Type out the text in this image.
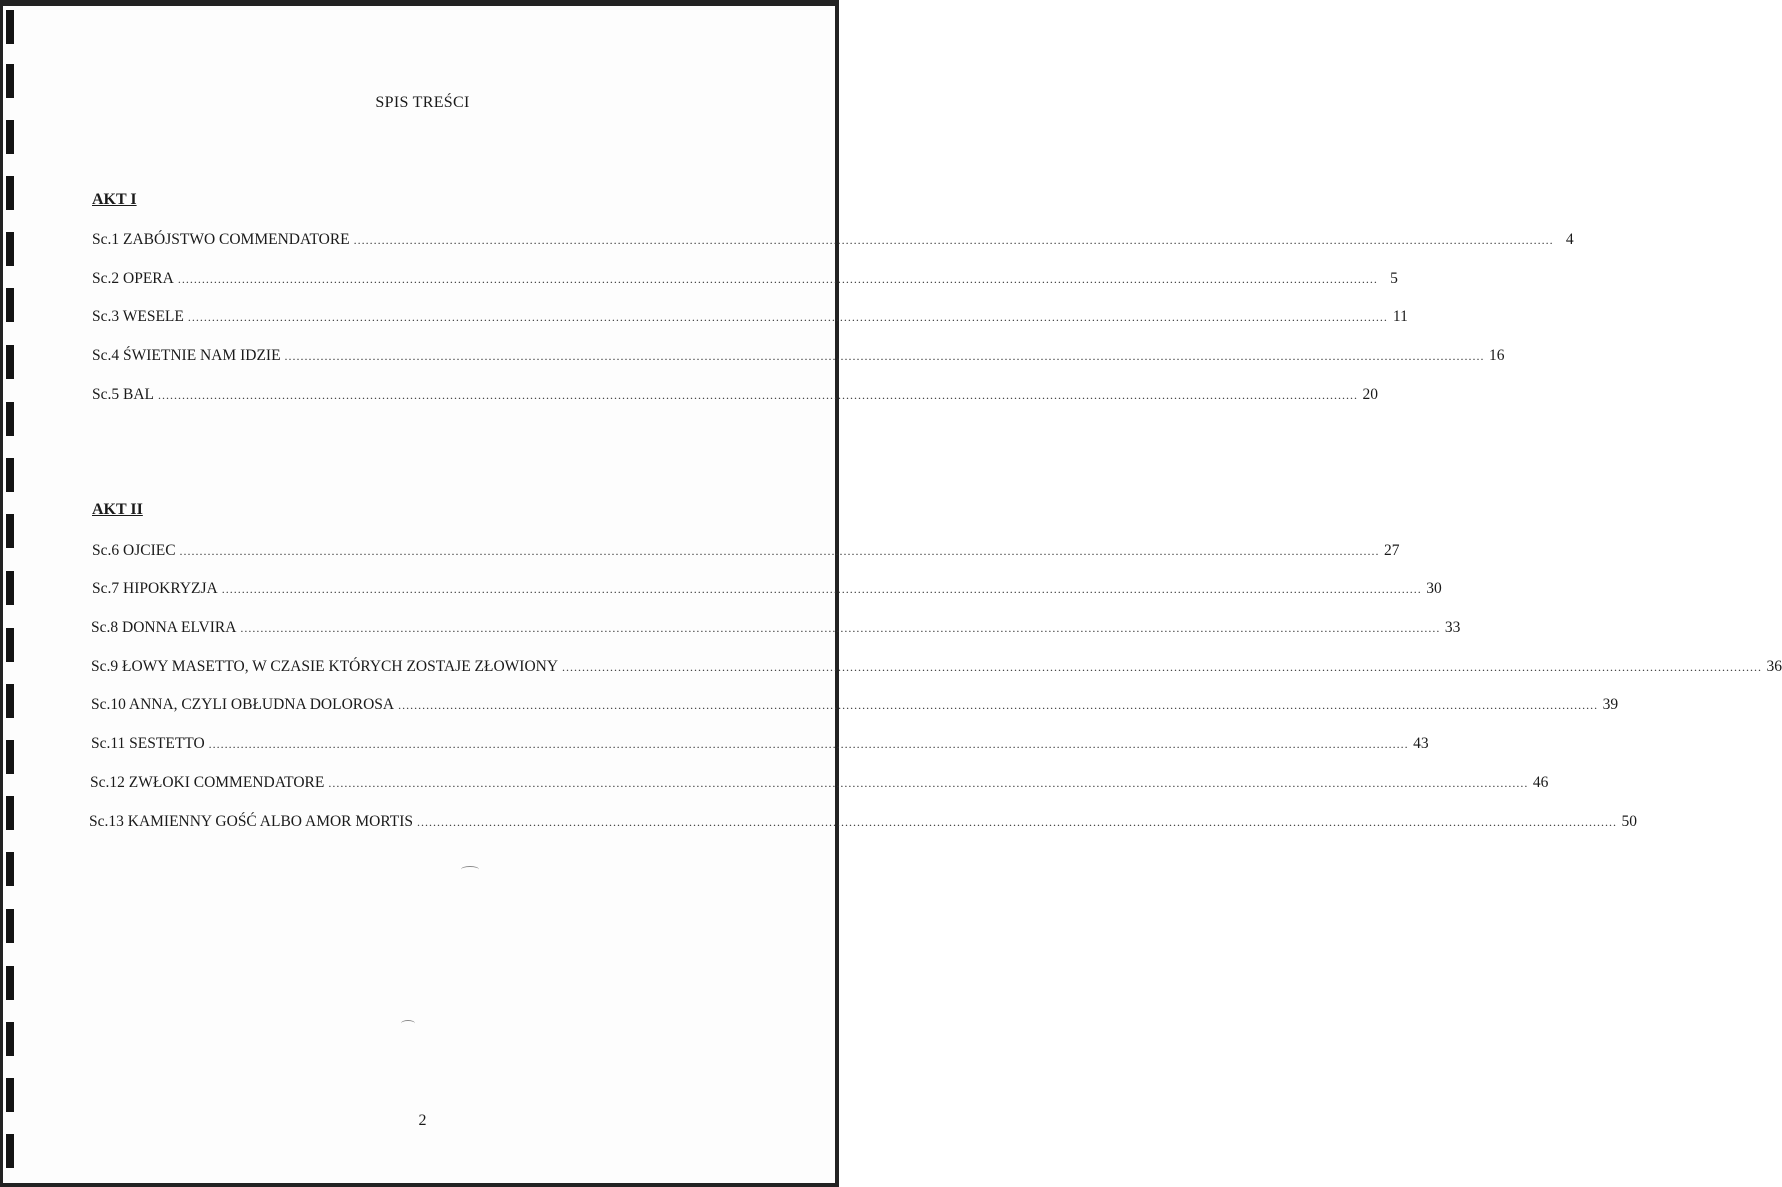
SPIS TREŚCI
AKT I
Sc.1 ZABÓJSTWO COMMENDATORE ............................................................................................................................................................................................................................................................................................................ 4
Sc.2 OPERA ............................................................................................................................................................................................................................................................................................................ 5
Sc.3 WESELE ............................................................................................................................................................................................................................................................................................................ 11
Sc.4 ŚWIETNIE NAM IDZIE ............................................................................................................................................................................................................................................................................................................ 16
Sc.5 BAL ............................................................................................................................................................................................................................................................................................................ 20
AKT II
Sc.6 OJCIEC ............................................................................................................................................................................................................................................................................................................ 27
Sc.7 HIPOKRYZJA ............................................................................................................................................................................................................................................................................................................ 30
Sc.8 DONNA ELVIRA ............................................................................................................................................................................................................................................................................................................ 33
Sc.9 ŁOWY MASETTO, W CZASIE KTÓRYCH ZOSTAJE ZŁOWIONY ............................................................................................................................................................................................................................................................................................................ 36
Sc.10 ANNA, CZYLI OBŁUDNA DOLOROSA ............................................................................................................................................................................................................................................................................................................ 39
Sc.11 SESTETTO ............................................................................................................................................................................................................................................................................................................ 43
Sc.12 ZWŁOKI COMMENDATORE ............................................................................................................................................................................................................................................................................................................ 46
Sc.13 KAMIENNY GOŚĆ ALBO AMOR MORTIS ............................................................................................................................................................................................................................................................................................................ 50
2
